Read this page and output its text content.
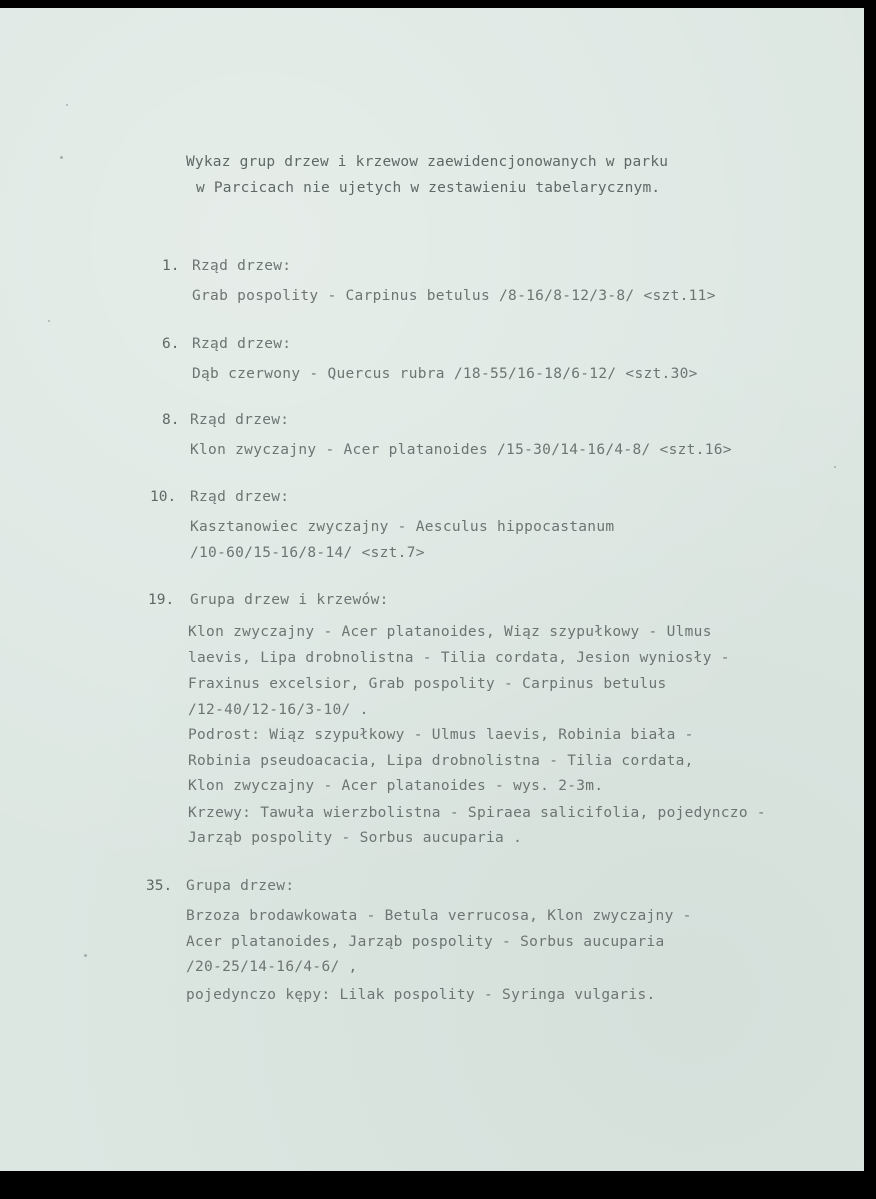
Wykaz grup drzew i krzewow zaewidencjonowanych w parku
w Parcicach nie ujetych w zestawieniu tabelarycznym.
1. Rząd drzew:
Grab pospolity - Carpinus betulus /8-16/8-12/3-8/ <szt.11>
6. Rząd drzew:
Dąb czerwony - Quercus rubra /18-55/16-18/6-12/ <szt.30>
8. Rząd drzew:
Klon zwyczajny - Acer platanoides /15-30/14-16/4-8/ <szt.16>
10. Rząd drzew:
Kasztanowiec zwyczajny - Aesculus hippocastanum
/10-60/15-16/8-14/ <szt.7>
19. Grupa drzew i krzewów:
Klon zwyczajny - Acer platanoides, Wiąz szypułkowy - Ulmus
laevis, Lipa drobnolistna - Tilia cordata, Jesion wyniosły -
Fraxinus excelsior, Grab pospolity - Carpinus betulus
/12-40/12-16/3-10/ .
Podrost: Wiąz szypułkowy - Ulmus laevis, Robinia biała -
Robinia pseudoacacia, Lipa drobnolistna - Tilia cordata,
Klon zwyczajny - Acer platanoides - wys. 2-3m.
Krzewy: Tawuła wierzbolistna - Spiraea salicifolia, pojedynczo -
Jarząb pospolity - Sorbus aucuparia .
35. Grupa drzew:
Brzoza brodawkowata - Betula verrucosa, Klon zwyczajny -
Acer platanoides, Jarząb pospolity - Sorbus aucuparia
/20-25/14-16/4-6/ ,
pojedynczo kępy: Lilak pospolity - Syringa vulgaris.
